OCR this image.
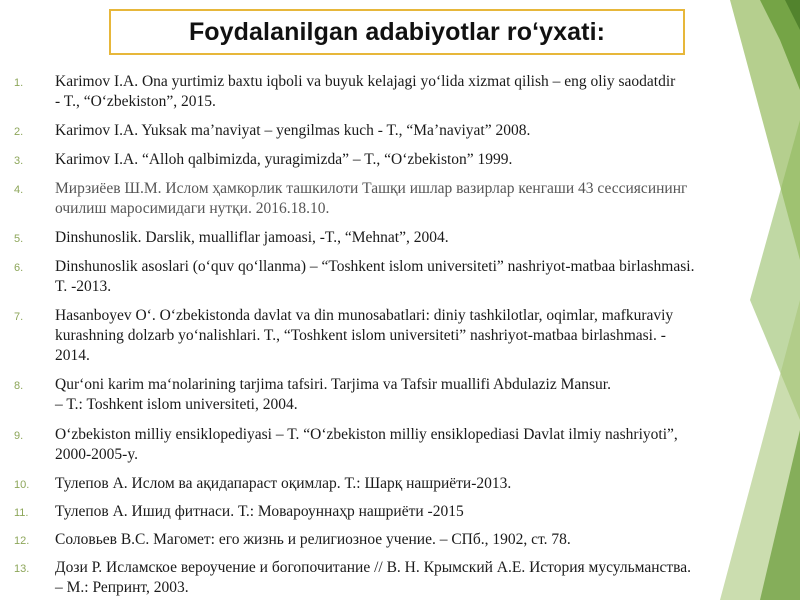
Foydalanilgan adabiyotlar ro‘yxati:
1.	Karimov I.A. Ona yurtimiz baxtu iqboli va buyuk kelajagi yo‘lida xizmat qilish – eng oliy saodatdir
- T., “O‘zbekiston”, 2015.
2.	Karimov I.A. Yuksak ma’naviyat – yengilmas kuch - T., “Ma’naviyat” 2008.
3.	Karimov I.A. “Alloh qalbimizda, yuragimizda” – T., “O‘zbekiston” 1999.
4.	Мирзиёев Ш.М. Ислом ҳамкорлик ташкилоти Ташқи ишлар вазирлар кенгаши 43 сессиясининг
очилиш маросимидаги нутқи. 2016.18.10.
5.	Dinshunoslik. Darslik, mualliflar jamoasi, -T., “Mehnat”, 2004.
6.	Dinshunoslik asoslari (o‘quv qo‘llanma) – “Toshkent islom universiteti” nashriyot-matbaa birlashmasi.
T. -2013.
7.	Hasanboyev O‘. O‘zbekistonda davlat va din munosabatlari: diniy tashkilotlar, oqimlar, mafkuraviy
kurashning dolzarb yo‘nalishlari. T., “Toshkent islom universiteti” nashriyot-matbaa birlashmasi. -
2014.
8.	Qur‘oni karim ma‘nolarining tarjima tafsiri. Tarjima va Tafsir muallifi Abdulaziz Mansur.
– T.: Toshkent islom universiteti, 2004.
9.	O‘zbekiston milliy ensiklopediyasi – T. “O‘zbekiston milliy ensiklopediasi Davlat ilmiy nashriyoti”,
2000-2005-y.
10.	Тулепов А. Ислом ва ақидапараст оқимлар. Т.: Шарқ нашриёти-2013.
11.	Тулепов А. Ишид фитнаси. Т.: Мовароуннаҳр нашриёти -2015
12.	Соловьев В.С. Магомет: его жизнь и религиозное учение. – СПб., 1902, ст. 78.
13.	Дози Р. Исламское вероучение и богопочитание // В. Н. Крымский А.Е. История мусульманства.
– М.: Репринт, 2003.
